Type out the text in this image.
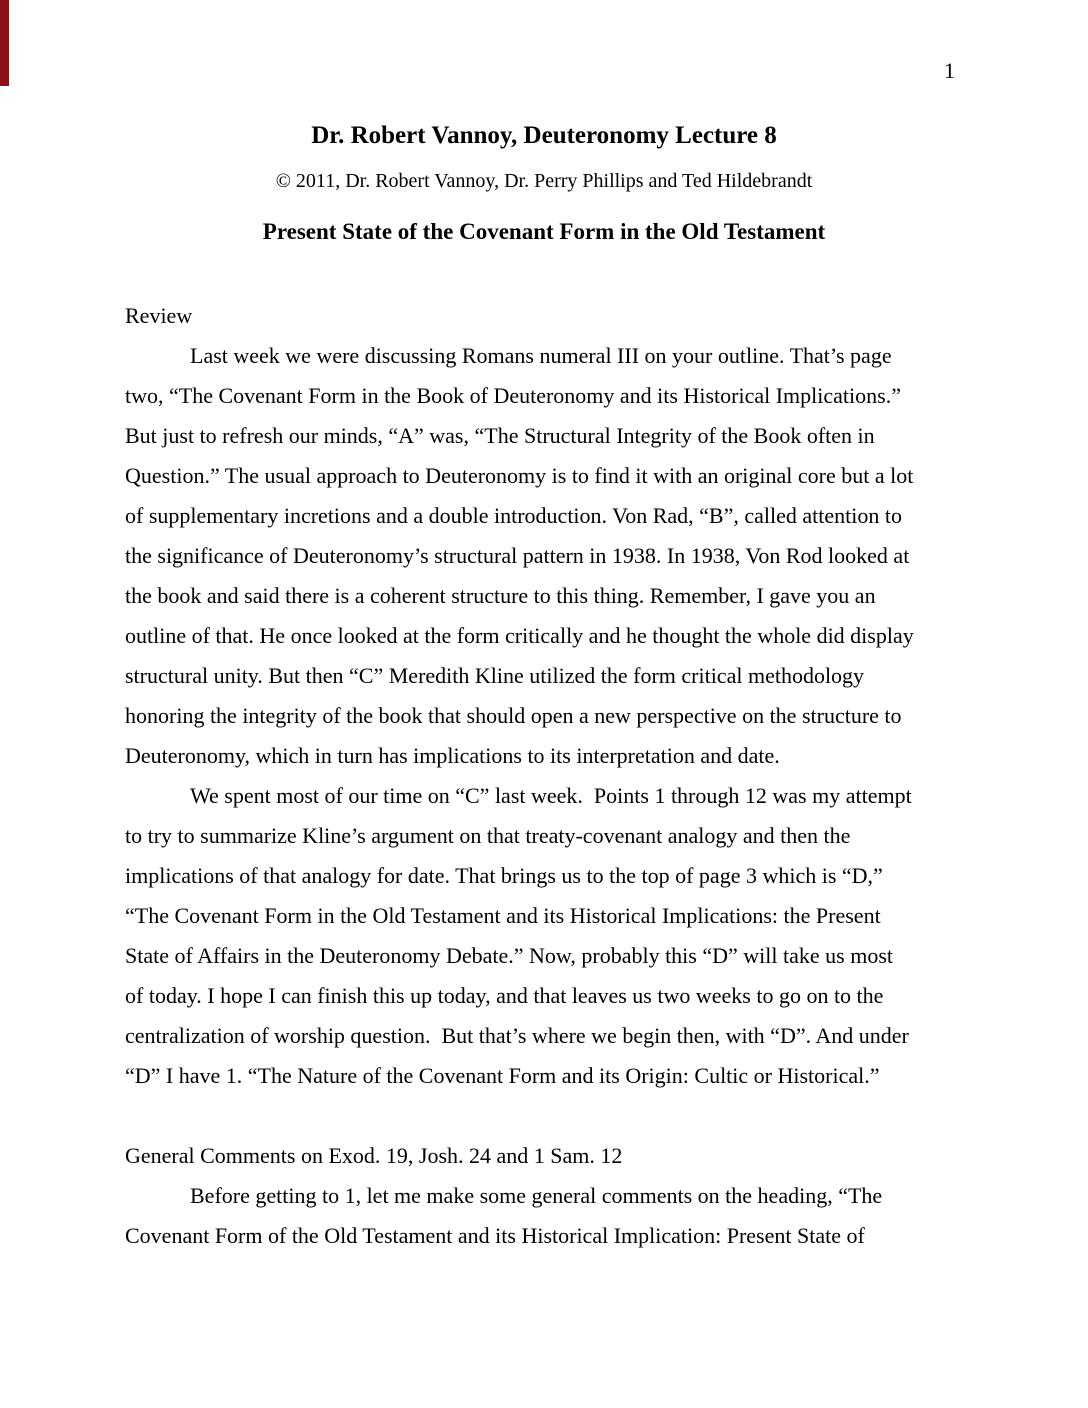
1
Dr. Robert Vannoy, Deuteronomy Lecture 8
© 2011, Dr. Robert Vannoy, Dr. Perry Phillips and Ted Hildebrandt
Present State of the Covenant Form in the Old Testament
Review
Last week we were discussing Romans numeral III on your outline. That’s page
two, “The Covenant Form in the Book of Deuteronomy and its Historical Implications.”
But just to refresh our minds, “A” was, “The Structural Integrity of the Book often in
Question.” The usual approach to Deuteronomy is to find it with an original core but a lot
of supplementary incretions and a double introduction. Von Rad, “B”, called attention to
the significance of Deuteronomy’s structural pattern in 1938. In 1938, Von Rod looked at
the book and said there is a coherent structure to this thing. Remember, I gave you an
outline of that. He once looked at the form critically and he thought the whole did display
structural unity. But then “C” Meredith Kline utilized the form critical methodology
honoring the integrity of the book that should open a new perspective on the structure to
Deuteronomy, which in turn has implications to its interpretation and date.
We spent most of our time on “C” last week.  Points 1 through 12 was my attempt
to try to summarize Kline’s argument on that treaty-covenant analogy and then the
implications of that analogy for date. That brings us to the top of page 3 which is “D,”
“The Covenant Form in the Old Testament and its Historical Implications: the Present
State of Affairs in the Deuteronomy Debate.” Now, probably this “D” will take us most
of today. I hope I can finish this up today, and that leaves us two weeks to go on to the
centralization of worship question.  But that’s where we begin then, with “D”. And under
“D” I have 1. “The Nature of the Covenant Form and its Origin: Cultic or Historical.”
General Comments on Exod. 19, Josh. 24 and 1 Sam. 12
Before getting to 1, let me make some general comments on the heading, “The
Covenant Form of the Old Testament and its Historical Implication: Present State of
